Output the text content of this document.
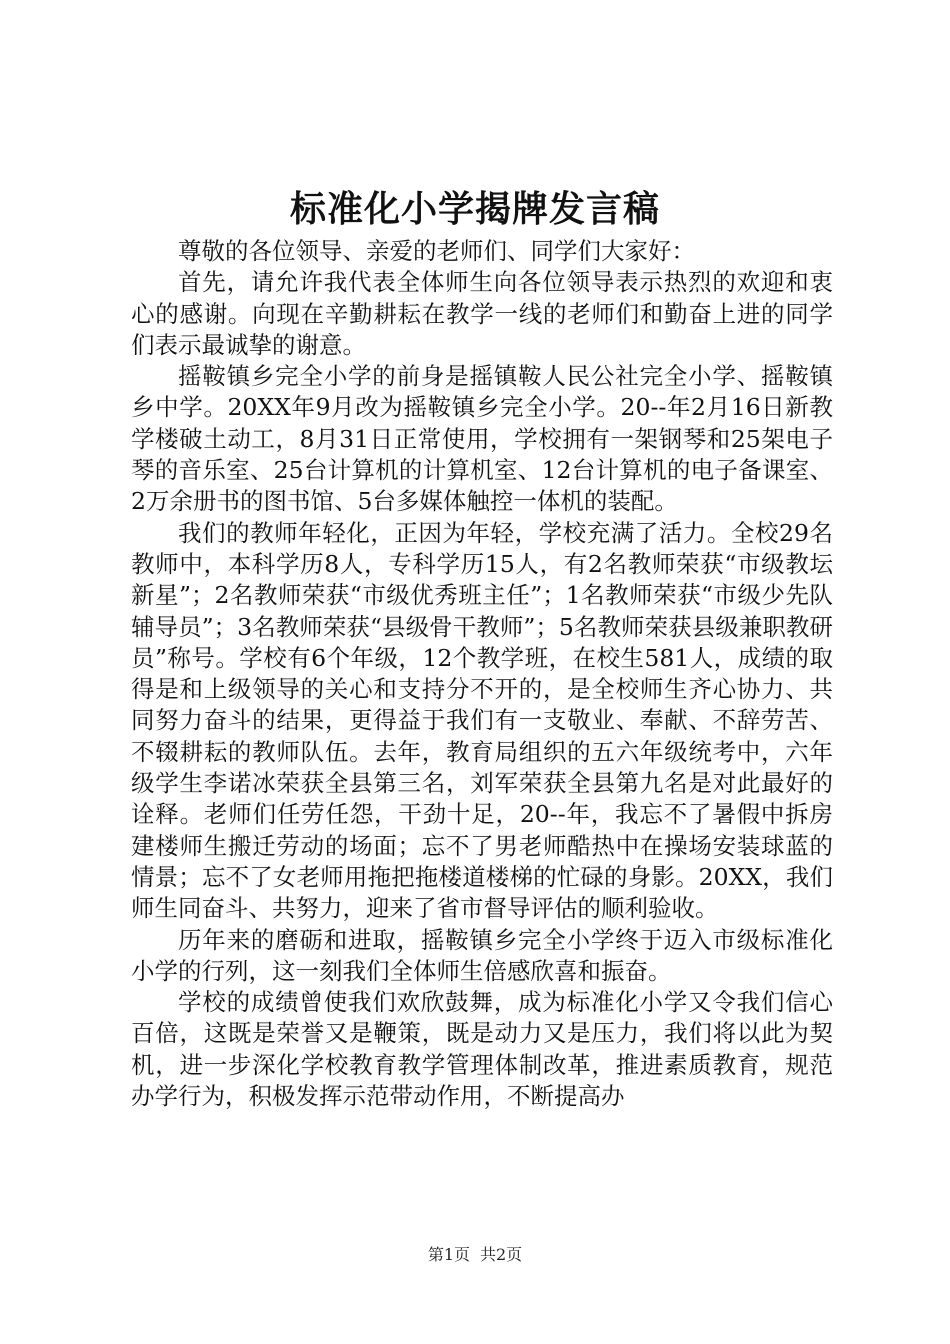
标准化小学揭牌发言稿

尊敬的各位领导、亲爱的老师们、同学们大家好：

首先，请允许我代表全体师生向各位领导表示热烈的欢迎和衷心的感谢。向现在辛勤耕耘在教学一线的老师们和勤奋上进的同学们表示最诚挚的谢意。

摇鞍镇乡完全小学的前身是摇镇鞍人民公社完全小学、摇鞍镇乡中学。20XX年9月改为摇鞍镇乡完全小学。20--年2月16日新教学楼破土动工，8月31日正常使用，学校拥有一架钢琴和25架电子琴的音乐室、25台计算机的计算机室、12台计算机的电子备课室、2万余册书的图书馆、5台多媒体触控一体机的装配。

我们的教师年轻化，正因为年轻，学校充满了活力。全校29名教师中，本科学历8人，专科学历15人，有2名教师荣获“市级教坛新星”；2名教师荣获“市级优秀班主任”；1名教师荣获“市级少先队辅导员”；3名教师荣获“县级骨干教师”；5名教师荣获县级兼职教研员”称号。学校有6个年级，12个教学班，在校生581人，成绩的取得是和上级领导的关心和支持分不开的，是全校师生齐心协力、共同努力奋斗的结果，更得益于我们有一支敬业、奉献、不辞劳苦、不辍耕耘的教师队伍。去年，教育局组织的五六年级统考中，六年级学生李诺冰荣获全县第三名，刘军荣获全县第九名是对此最好的诠释。老师们任劳任怨，干劲十足，20--年，我忘不了暑假中拆房建楼师生搬迁劳动的场面；忘不了男老师酷热中在操场安装球蓝的情景；忘不了女老师用拖把拖楼道楼梯的忙碌的身影。20XX，我们师生同奋斗、共努力，迎来了省市督导评估的顺利验收。

历年来的磨砺和进取，摇鞍镇乡完全小学终于迈入市级标准化小学的行列，这一刻我们全体师生倍感欣喜和振奋。

学校的成绩曾使我们欢欣鼓舞，成为标准化小学又令我们信心百倍，这既是荣誉又是鞭策，既是动力又是压力，我们将以此为契机，进一步深化学校教育教学管理体制改革，推进素质教育，规范办学行为，积极发挥示范带动作用，不断提高办

第1页 共2页
